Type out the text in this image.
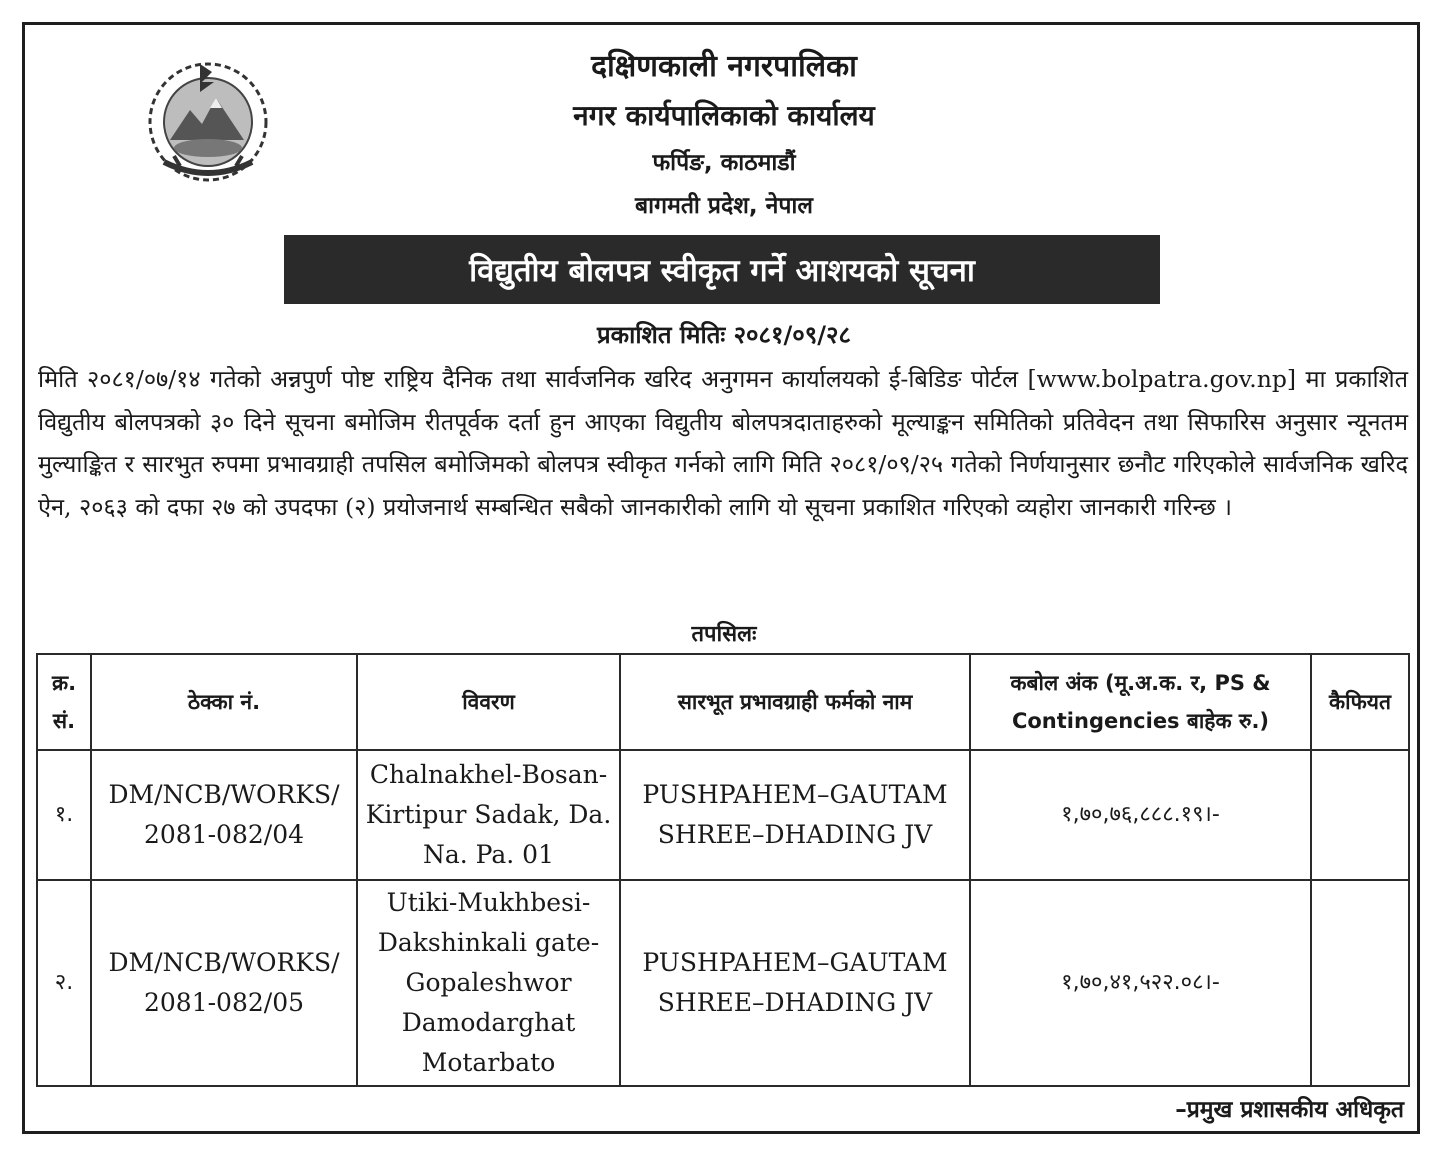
दक्षिणकाली नगरपालिका
नगर कार्यपालिकाको कार्यालय
फर्पिङ, काठमाडौं
बागमती प्रदेश, नेपाल
विद्युतीय बोलपत्र स्वीकृत गर्ने आशयको सूचना
प्रकाशित मितिः २०८१/०९/२८

मिति २०८१/०७/१४ गतेको अन्नपुर्ण पोष्ट राष्ट्रिय दैनिक तथा सार्वजनिक खरिद अनुगमन कार्यालयको ई-बिडिङ पोर्टल [www.bolpatra.gov.np] मा प्रकाशित विद्युतीय बोलपत्रको ३० दिने सूचना बमोजिम रीतपूर्वक दर्ता हुन आएका विद्युतीय बोलपत्रदाताहरुको मूल्याङ्कन समितिको प्रतिवेदन तथा सिफारिस अनुसार न्यूनतम मुल्याङ्कित र सारभुत रुपमा प्रभावग्राही तपसिल बमोजिमको बोलपत्र स्वीकृत गर्नको लागि मिति २०८१/०९/२५ गतेको निर्णयानुसार छनौट गरिएकोले सार्वजनिक खरिद ऐन, २०६३ को दफा २७ को उपदफा (२) प्रयोजनार्थ सम्बन्धित सबैको जानकारीको लागि यो सूचना प्रकाशित गरिएको व्यहोरा जानकारी गरिन्छ ।

तपसिलः
क्र. सं.	ठेक्का नं.	विवरण	सारभूत प्रभावग्राही फर्मको नाम	कबोल अंक (मू.अ.क. र, PS & Contingencies बाहेक रु.)	कैफियत
१.	DM/NCB/WORKS/ 2081-082/04	Chalnakhel-Bosan-Kirtipur Sadak, Da. Na. Pa. 01	PUSHPAHEM–GAUTAM SHREE–DHADING JV	१,७०,७६,८८८.१९।-	
२.	DM/NCB/WORKS/ 2081-082/05	Utiki-Mukhbesi-Dakshinkali gate-Gopaleshwor Damodarghat Motarbato	PUSHPAHEM–GAUTAM SHREE–DHADING JV	१,७०,४१,५२२.०८।-	
–प्रमुख प्रशासकीय अधिकृत
